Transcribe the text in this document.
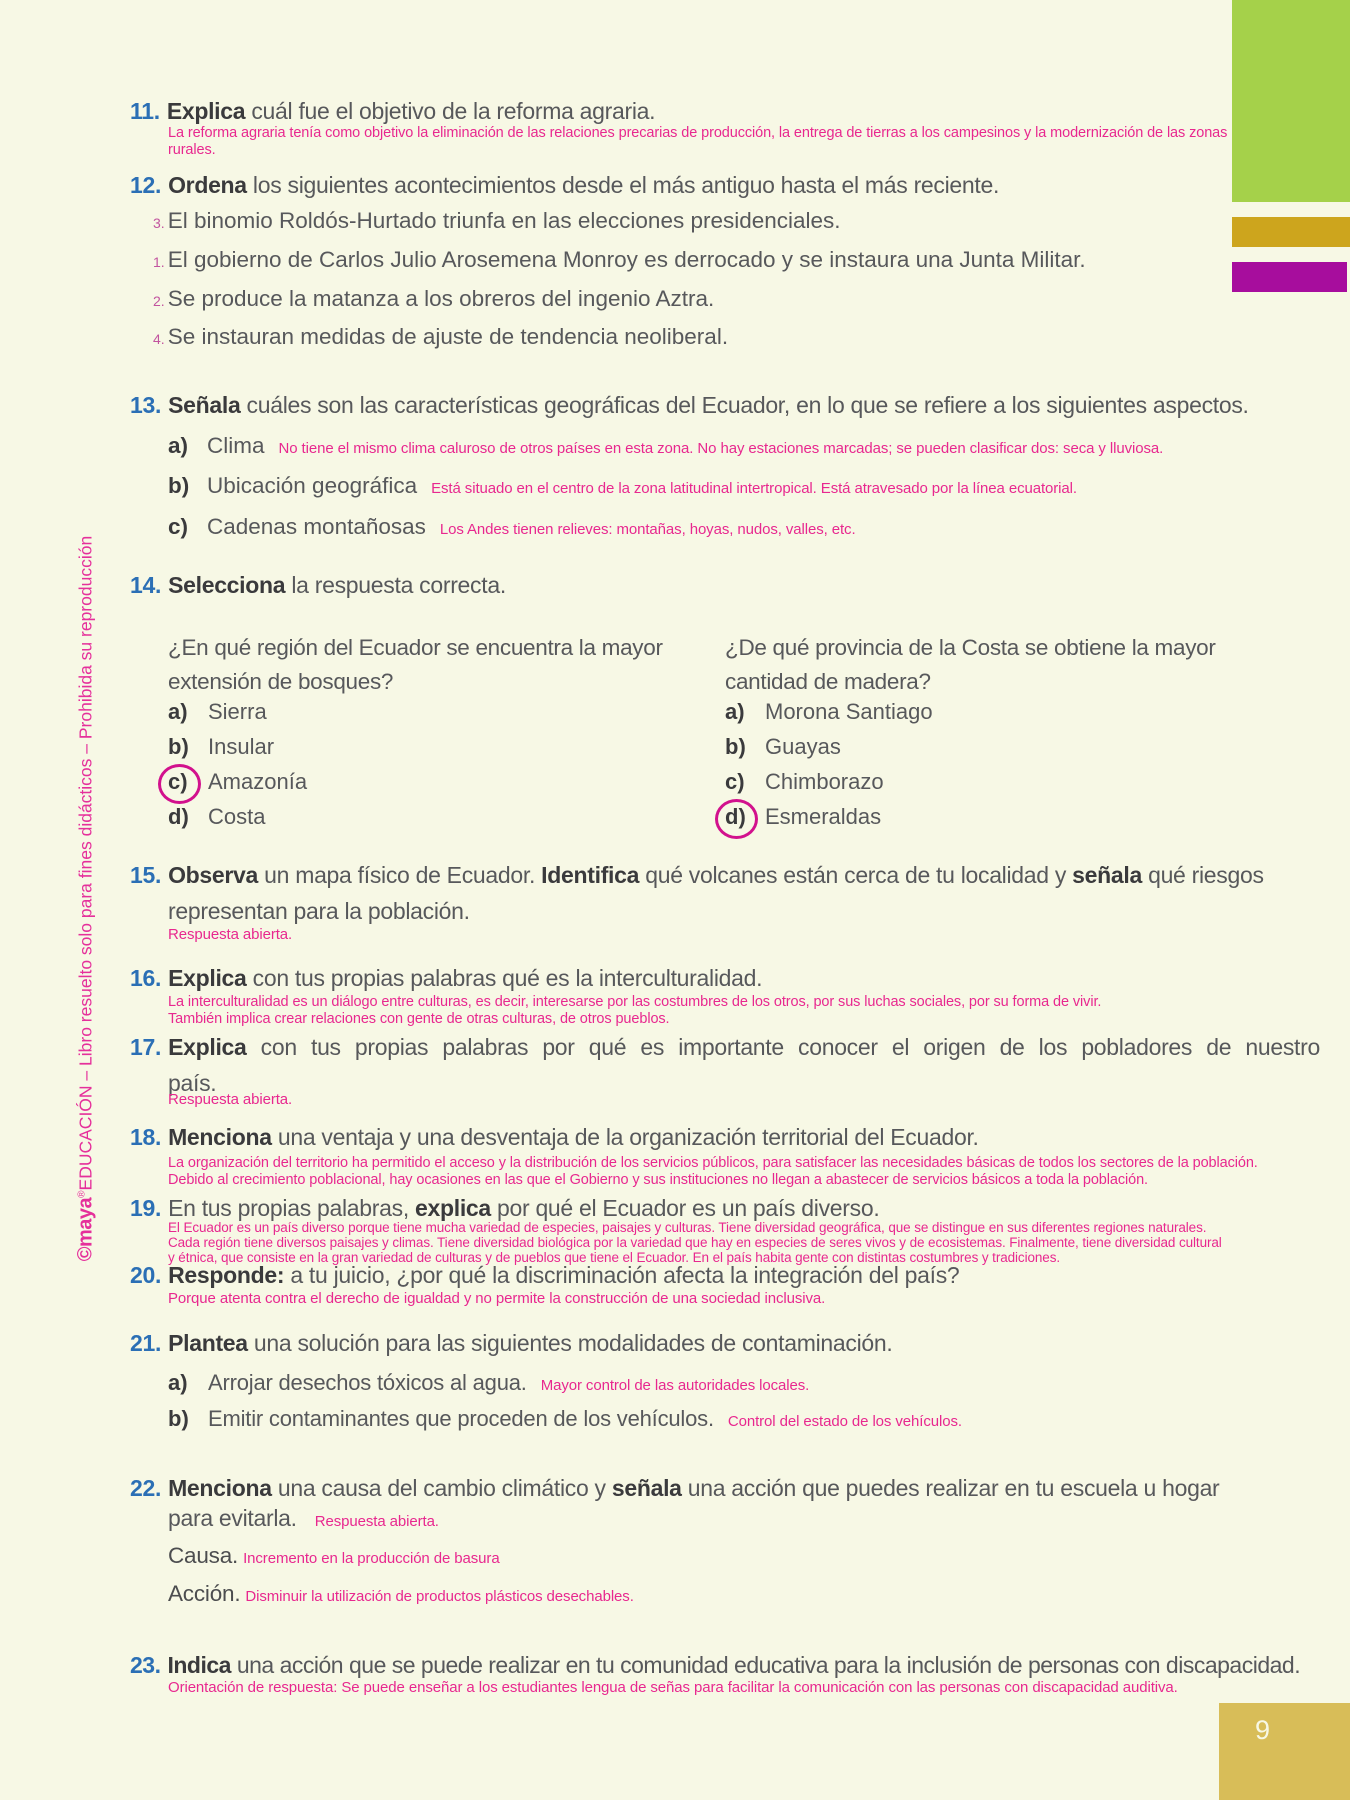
9
©maya®EDUCACIÓN – Libro resuelto solo para fines didácticos – Prohibida su reproducción

11. Explica cuál fue el objetivo de la reforma agraria.

La reforma agraria tenía como objetivo la eliminación de las relaciones precarias de producción, la entrega de tierras a los campesinos y la modernización de las zonas
rurales.

12. Ordena los siguientes acontecimientos desde el más antiguo hasta el más reciente.

3. El binomio Roldós-Hurtado triunfa en las elecciones presidenciales.
1. El gobierno de Carlos Julio Arosemena Monroy es derrocado y se instaura una Junta Militar.
2. Se produce la matanza a los obreros del ingenio Aztra.
4. Se instauran medidas de ajuste de tendencia neoliberal.

13. Señala cuáles son las características geográficas del Ecuador, en lo que se refiere a los siguientes aspectos.

a) Clima No tiene el mismo clima caluroso de otros países en esta zona. No hay estaciones marcadas; se pueden clasificar dos: seca y lluviosa.
b) Ubicación geográfica Está situado en el centro de la zona latitudinal intertropical. Está atravesado por la línea ecuatorial.
c) Cadenas montañosas Los Andes tienen relieves: montañas, hoyas, nudos, valles, etc.

14. Selecciona la respuesta correcta.

¿En qué región del Ecuador se encuentra la mayor extensión de bosques?

a) Sierra
b) Insular
c) Amazonía
d) Costa

¿De qué provincia de la Costa se obtiene la mayor cantidad de madera?

a) Morona Santiago
b) Guayas
c) Chimborazo
d) Esmeraldas

15. Observa un mapa físico de Ecuador. Identifica qué volcanes están cerca de tu localidad y señala qué riesgos

representan para la población.
Respuesta abierta.

16. Explica con tus propias palabras qué es la interculturalidad.

La interculturalidad es un diálogo entre culturas, es decir, interesarse por las costumbres de los otros, por sus luchas sociales, por su forma de vivir.
También implica crear relaciones con gente de otras culturas, de otros pueblos.

17. Explica con tus propias palabras por qué es importante conocer el origen de los pobladores de nuestro

país.
Respuesta abierta.

18. Menciona una ventaja y una desventaja de la organización territorial del Ecuador.

La organización del territorio ha permitido el acceso y la distribución de los servicios públicos, para satisfacer las necesidades básicas de todos los sectores de la población.
Debido al crecimiento poblacional, hay ocasiones en las que el Gobierno y sus instituciones no llegan a abastecer de servicios básicos a toda la población.

19. En tus propias palabras, explica por qué el Ecuador es un país diverso.

El Ecuador es un país diverso porque tiene mucha variedad de especies, paisajes y culturas. Tiene diversidad geográfica, que se distingue en sus diferentes regiones naturales.
Cada región tiene diversos paisajes y climas. Tiene diversidad biológica por la variedad que hay en especies de seres vivos y de ecosistemas. Finalmente, tiene diversidad cultural
y étnica, que consiste en la gran variedad de culturas y de pueblos que tiene el Ecuador. En el país habita gente con distintas costumbres y tradiciones.

20. Responde: a tu juicio, ¿por qué la discriminación afecta la integración del país?

Porque atenta contra el derecho de igualdad y no permite la construcción de una sociedad inclusiva.

21. Plantea una solución para las siguientes modalidades de contaminación.

a) Arrojar desechos tóxicos al agua. Mayor control de las autoridades locales.
b) Emitir contaminantes que proceden de los vehículos. Control del estado de los vehículos.

22. Menciona una causa del cambio climático y señala una acción que puedes realizar en tu escuela u hogar

para evitarla. Respuesta abierta.
Causa. Incremento en la producción de basura
Acción. Disminuir la utilización de productos plásticos desechables.

23. Indica una acción que se puede realizar en tu comunidad educativa para la inclusión de personas con discapacidad.

Orientación de respuesta: Se puede enseñar a los estudiantes lengua de señas para facilitar la comunicación con las personas con discapacidad auditiva.
